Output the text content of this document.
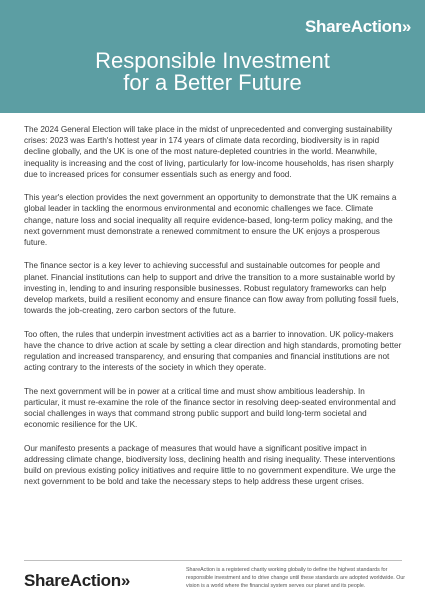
ShareAction»
Responsible Investment
for a Better Future

The 2024 General Election will take place in the midst of unprecedented and converging sustainability crises: 2023 was Earth's hottest year in 174 years of climate data recording, biodiversity is in rapid decline globally, and the UK is one of the most nature-depleted countries in the world. Meanwhile, inequality is increasing and the cost of living, particularly for low-income households, has risen sharply due to increased prices for consumer essentials such as energy and food.

This year's election provides the next government an opportunity to demonstrate that the UK remains a global leader in tackling the enormous environmental and economic challenges we face. Climate change, nature loss and social inequality all require evidence-based, long-term policy making, and the next government must demonstrate a renewed commitment to ensure the UK enjoys a prosperous future.

The finance sector is a key lever to achieving successful and sustainable outcomes for people and planet. Financial institutions can help to support and drive the transition to a more sustainable world by investing in, lending to and insuring responsible businesses. Robust regulatory frameworks can help develop markets, build a resilient economy and ensure finance can flow away from polluting fossil fuels, towards the job-creating, zero carbon sectors of the future.

Too often, the rules that underpin investment activities act as a barrier to innovation. UK policy-makers have the chance to drive action at scale by setting a clear direction and high standards, promoting better regulation and increased transparency, and ensuring that companies and financial institutions are not acting contrary to the interests of the society in which they operate.

The next government will be in power at a critical time and must show ambitious leadership. In particular, it must re-examine the role of the finance sector in resolving deep-seated environmental and social challenges in ways that command strong public support and build long-term societal and economic resilience for the UK.

Our manifesto presents a package of measures that would have a significant positive impact in addressing climate change, biodiversity loss, declining health and rising inequality. These interventions build on previous existing policy initiatives and require little to no government expenditure. We urge the next government to be bold and take the necessary steps to help address these urgent crises.

ShareAction»
ShareAction is a registered charity working globally to define the highest standards for responsible investment and to drive change until these standards are adopted worldwide. Our vision is a world where the financial system serves our planet and its people.
